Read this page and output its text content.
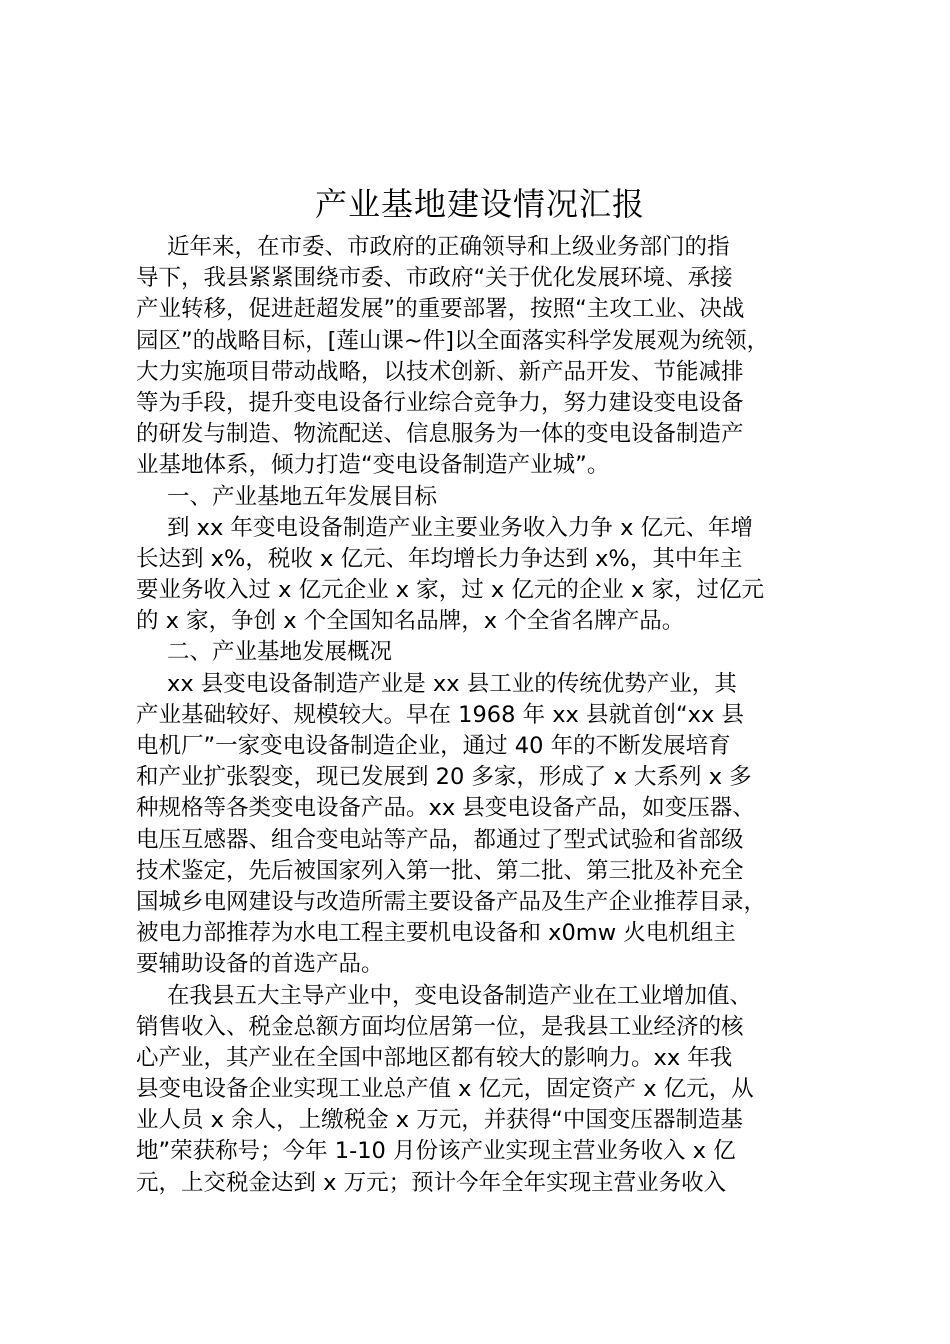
产业基地建设情况汇报
近年来，在市委、市政府的正确领导和上级业务部门的指
导下，我县紧紧围绕市委、市政府“关于优化发展环境、承接
产业转移，促进赶超发展”的重要部署，按照“主攻工业、决战
园区”的战略目标，[莲山课~件]以全面落实科学发展观为统领，
大力实施项目带动战略，以技术创新、新产品开发、节能减排
等为手段，提升变电设备行业综合竞争力，努力建设变电设备
的研发与制造、物流配送、信息服务为一体的变电设备制造产
业基地体系，倾力打造“变电设备制造产业城”。
一、产业基地五年发展目标
到 xx 年变电设备制造产业主要业务收入力争 x 亿元、年增
长达到 x%，税收 x 亿元、年均增长力争达到 x%，其中年主
要业务收入过 x 亿元企业 x 家，过 x 亿元的企业 x 家，过亿元
的 x 家，争创 x 个全国知名品牌，x 个全省名牌产品。
二、产业基地发展概况
xx 县变电设备制造产业是 xx 县工业的传统优势产业，其
产业基础较好、规模较大。早在 1968 年 xx 县就首创“xx 县
电机厂”一家变电设备制造企业，通过 40 年的不断发展培育
和产业扩张裂变，现已发展到 20 多家，形成了 x 大系列 x 多
种规格等各类变电设备产品。xx 县变电设备产品，如变压器、
电压互感器、组合变电站等产品，都通过了型式试验和省部级
技术鉴定，先后被国家列入第一批、第二批、第三批及补充全
国城乡电网建设与改造所需主要设备产品及生产企业推荐目录，
被电力部推荐为水电工程主要机电设备和 x0mw 火电机组主
要辅助设备的首选产品。
在我县五大主导产业中，变电设备制造产业在工业增加值、
销售收入、税金总额方面均位居第一位，是我县工业经济的核
心产业，其产业在全国中部地区都有较大的影响力。xx 年我
县变电设备企业实现工业总产值 x 亿元，固定资产 x 亿元，从
业人员 x 余人，上缴税金 x 万元，并获得“中国变压器制造基
地”荣获称号；今年 1-10 月份该产业实现主营业务收入 x 亿
元，上交税金达到 x 万元；预计今年全年实现主营业务收入
